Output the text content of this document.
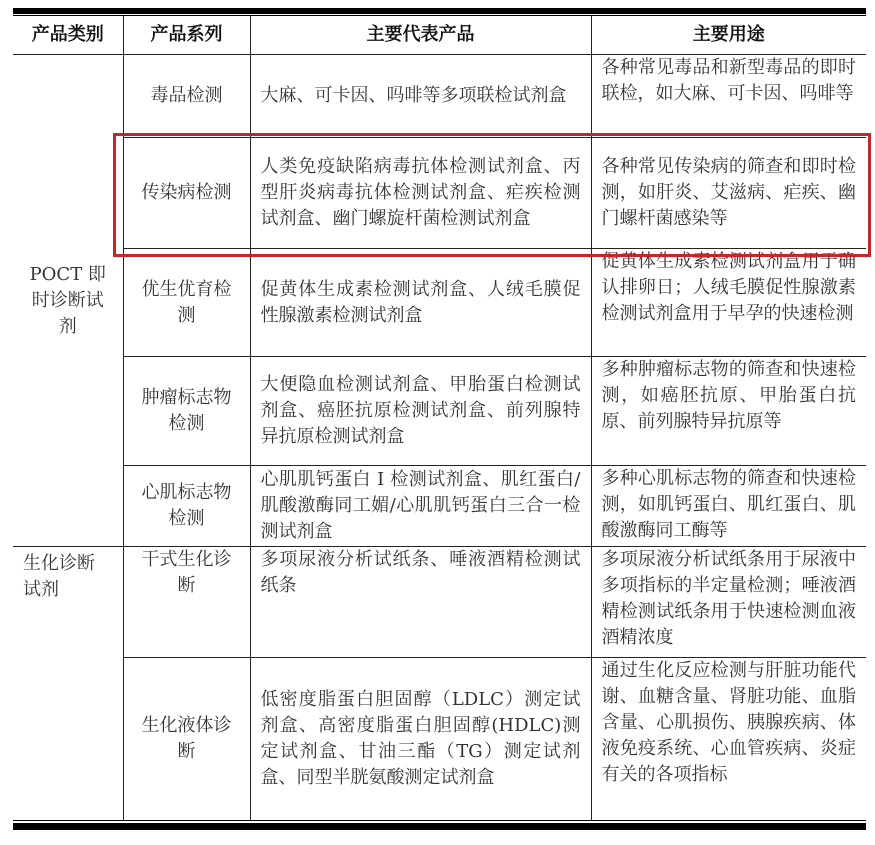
产品类别	产品系列	主要代表产品	主要用途
POCT 即时诊断试剂	毒品检测	大麻、可卡因、吗啡等多项联检试剂盒	各种常见毒品和新型毒品的即时联检，如大麻、可卡因、吗啡等
	传染病检测	人类免疫缺陷病毒抗体检测试剂盒、丙型肝炎病毒抗体检测试剂盒、疟疾检测试剂盒、幽门螺旋杆菌检测试剂盒	各种常见传染病的筛查和即时检测，如肝炎、艾滋病、疟疾、幽门螺杆菌感染等
	优生优育检测	促黄体生成素检测试剂盒、人绒毛膜促性腺激素检测试剂盒	促黄体生成素检测试剂盒用于确认排卵日；人绒毛膜促性腺激素检测试剂盒用于早孕的快速检测
	肿瘤标志物检测	大便隐血检测试剂盒、甲胎蛋白检测试剂盒、癌胚抗原检测试剂盒、前列腺特异抗原检测试剂盒	多种肿瘤标志物的筛查和快速检测，如癌胚抗原、甲胎蛋白抗原、前列腺特异抗原等
	心肌标志物检测	心肌肌钙蛋白 I 检测试剂盒、肌红蛋白/肌酸激酶同工媚/心肌肌钙蛋白三合一检测试剂盒	多种心肌标志物的筛查和快速检测，如肌钙蛋白、肌红蛋白、肌酸激酶同工酶等
生化诊断试剂	干式生化诊断	多项尿液分析试纸条、唾液酒精检测试纸条	多项尿液分析试纸条用于尿液中多项指标的半定量检测；唾液酒精检测试纸条用于快速检测血液酒精浓度
	生化液体诊断	低密度脂蛋白胆固醇（LDLC）测定试剂盒、高密度脂蛋白胆固醇(HDLC)测定试剂盒、甘油三酯（TG）测定试剂盒、同型半胱氨酸测定试剂盒	通过生化反应检测与肝脏功能代谢、血糖含量、肾脏功能、血脂含量、心肌损伤、胰腺疾病、体液免疫系统、心血管疾病、炎症有关的各项指标
